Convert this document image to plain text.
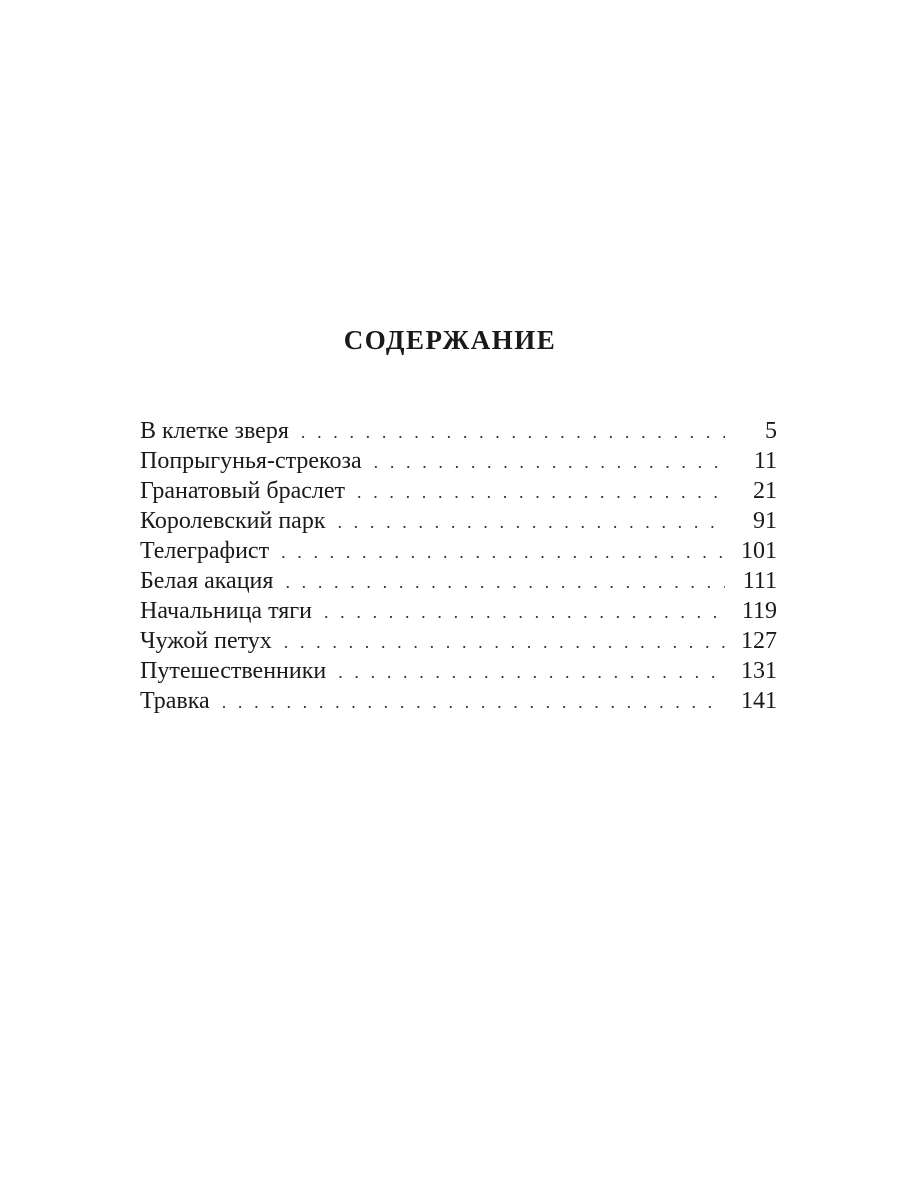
СОДЕРЖАНИЕ
В клетке зверя . . .	5
Попрыгунья-стрекоза . . .	11
Гранатовый браслет . . .	21
Королевский парк . . .	91
Телеграфист . . .	101
Белая акация . . .	111
Начальница тяги . . .	119
Чужой петух . . .	127
Путешественники . . .	131
Травка . . .	141
